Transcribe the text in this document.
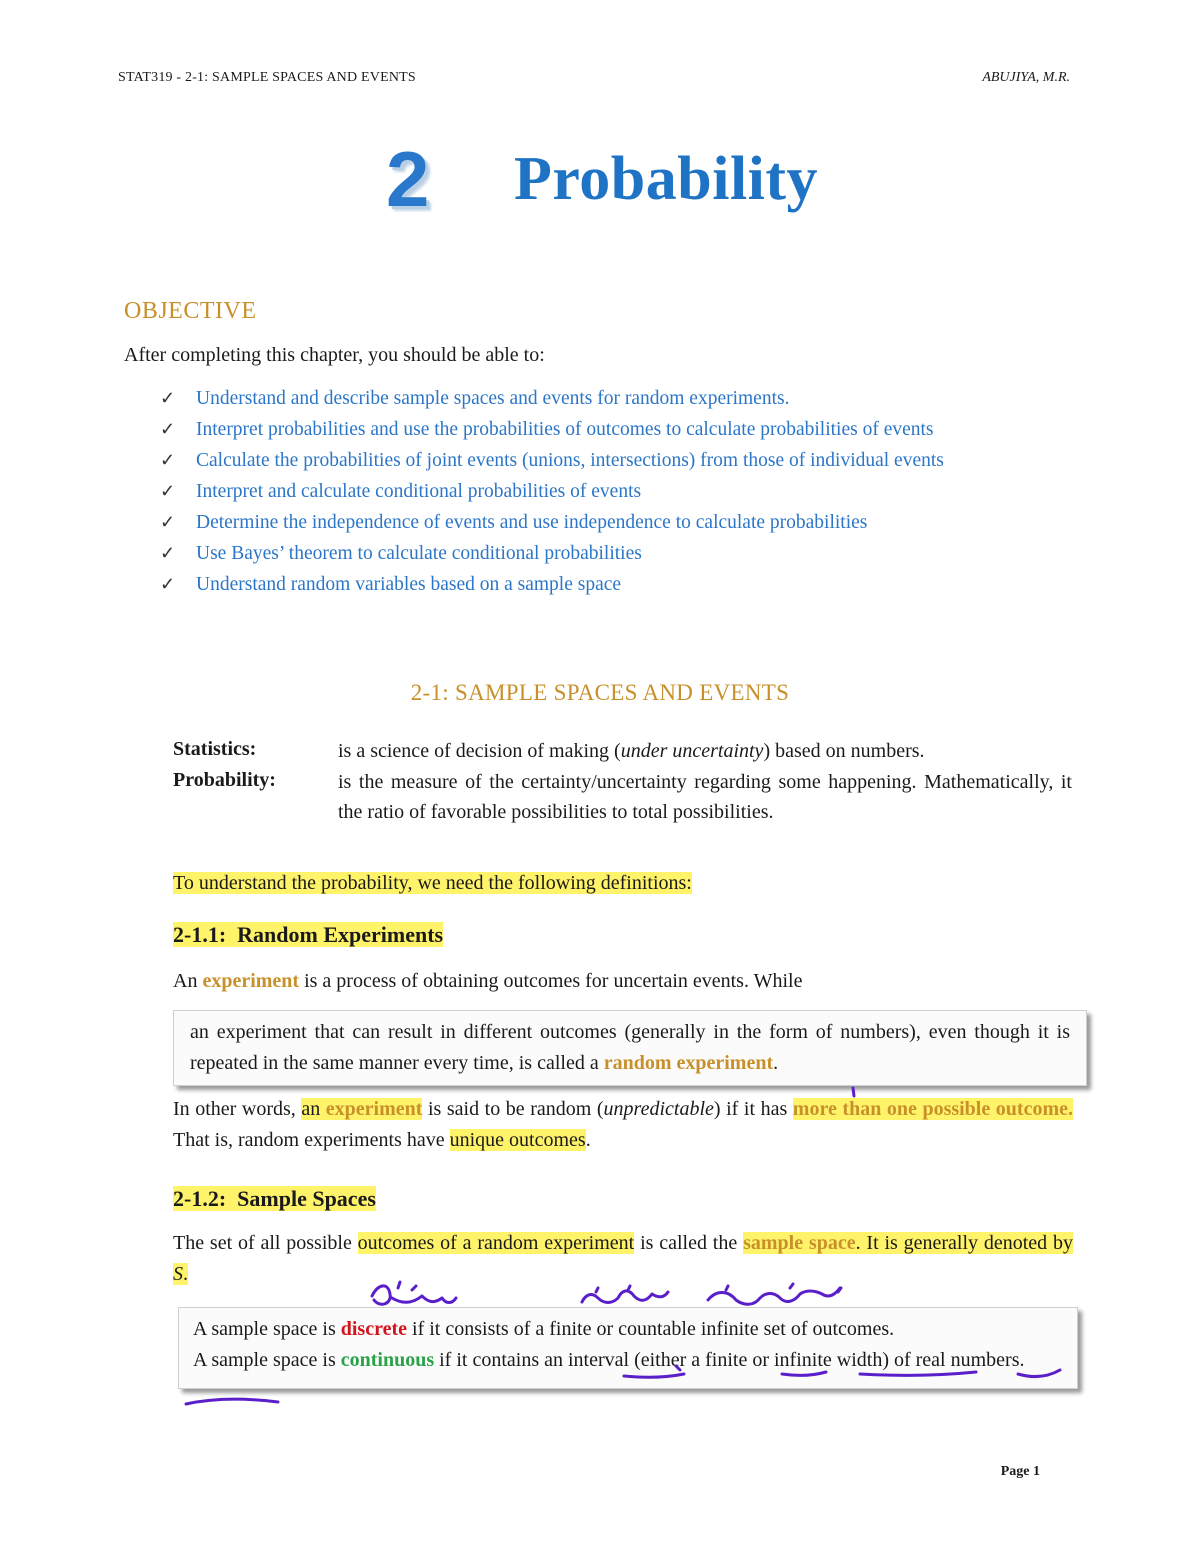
STAT319 - 2-1: SAMPLE SPACES AND EVENTS	ABUJIYA, M.R.
2 Probability
OBJECTIVE
After completing this chapter, you should be able to:
✓ Understand and describe sample spaces and events for random experiments.
✓ Interpret probabilities and use the probabilities of outcomes to calculate probabilities of events
✓ Calculate the probabilities of joint events (unions, intersections) from those of individual events
✓ Interpret and calculate conditional probabilities of events
✓ Determine the independence of events and use independence to calculate probabilities
✓ Use Bayes’ theorem to calculate conditional probabilities
✓ Understand random variables based on a sample space
2-1: SAMPLE SPACES AND EVENTS
Statistics:	is a science of decision of making (under uncertainty) based on numbers.
Probability:	is the measure of the certainty/uncertainty regarding some happening. Mathematically, it the ratio of favorable possibilities to total possibilities.
To understand the probability, we need the following definitions:
2-1.1: Random Experiments
An experiment is a process of obtaining outcomes for uncertain events. While
an experiment that can result in different outcomes (generally in the form of numbers), even though it is repeated in the same manner every time, is called a random experiment.
In other words, an experiment is said to be random (unpredictable) if it has more than one possible outcome. That is, random experiments have unique outcomes.
2-1.2: Sample Spaces
The set of all possible outcomes of a random experiment is called the sample space. It is generally denoted by S.
A sample space is discrete if it consists of a finite or countable infinite set of outcomes.
A sample space is continuous if it contains an interval (either a finite or infinite width) of real numbers.
Page 1
